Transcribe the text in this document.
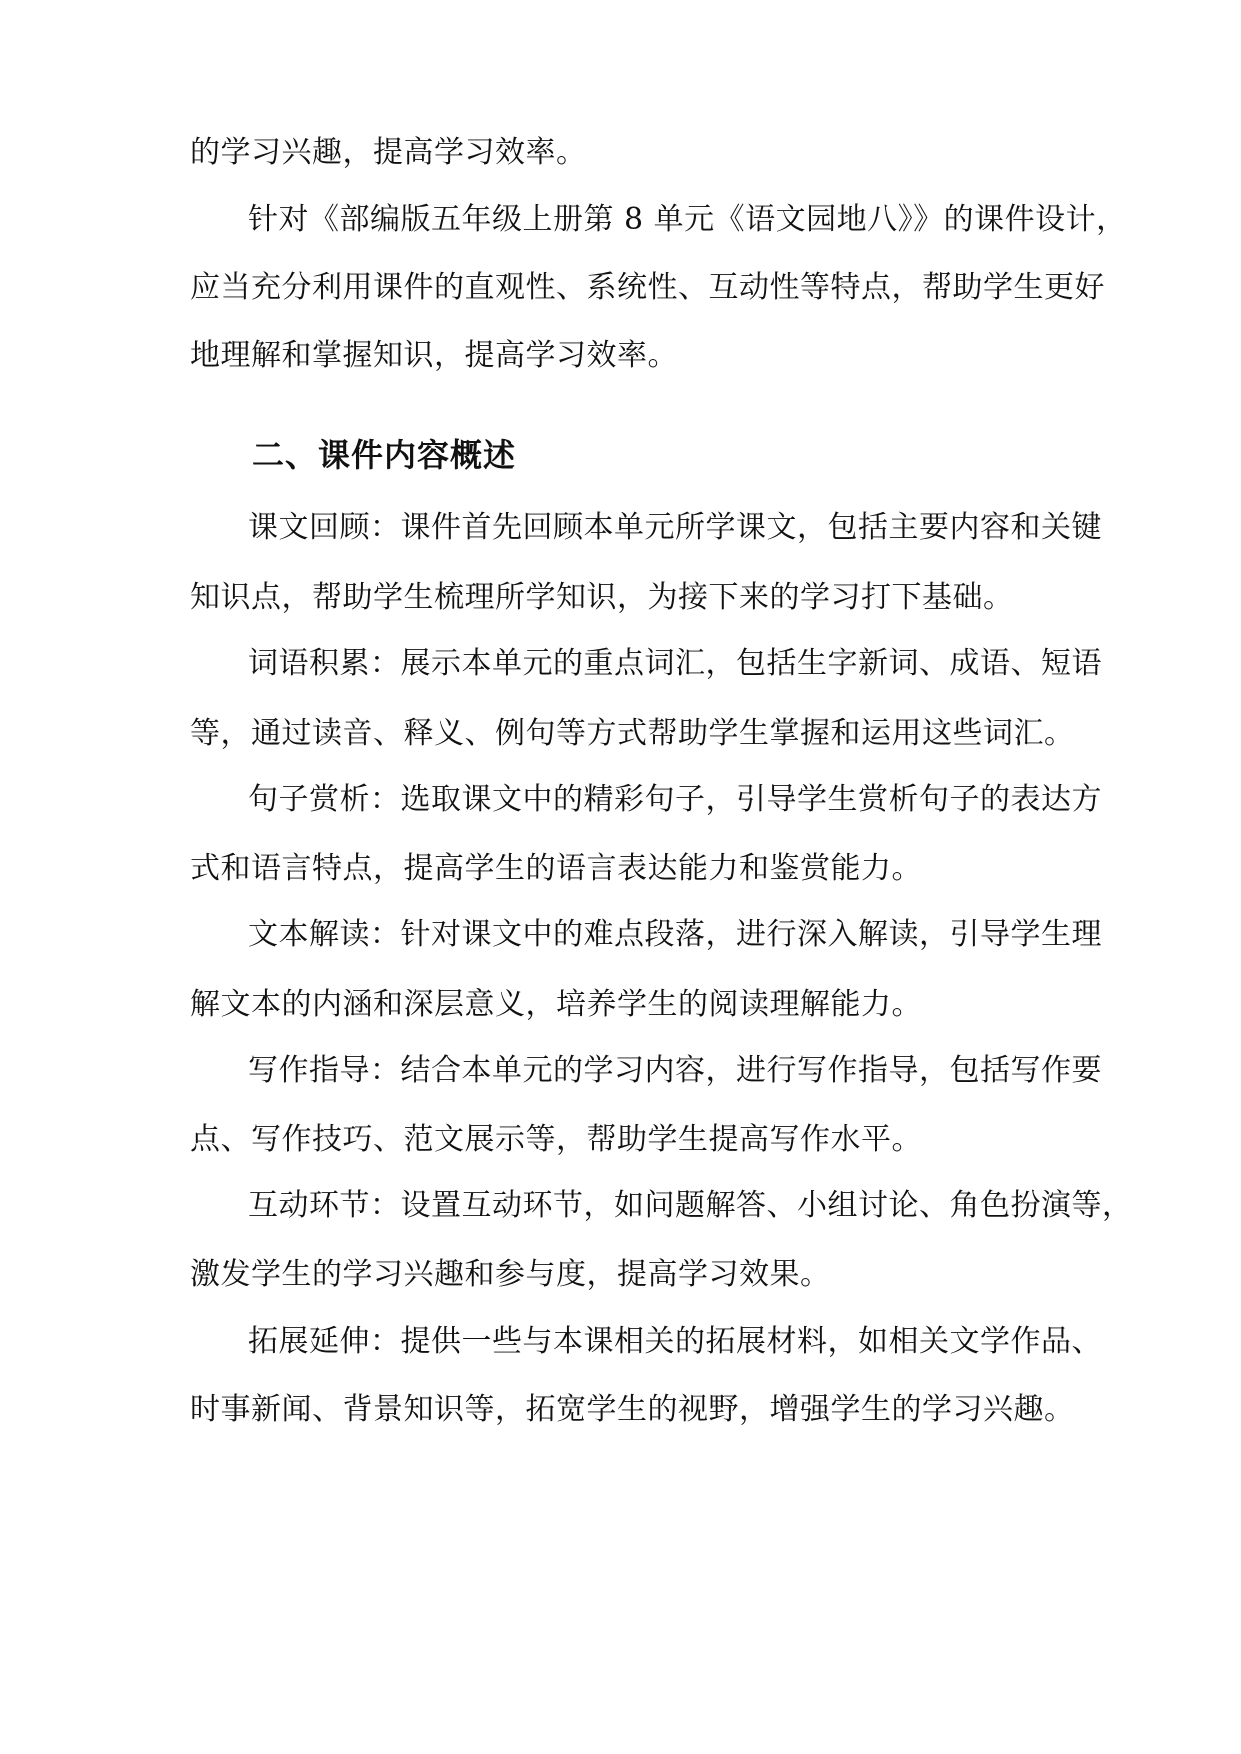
的学习兴趣，提高学习效率。
针对《部编版五年级上册第 8 单元《语文园地八》》的课件设计，
应当充分利用课件的直观性、系统性、互动性等特点，帮助学生更好
地理解和掌握知识，提高学习效率。
二、课件内容概述
课文回顾：课件首先回顾本单元所学课文，包括主要内容和关键
知识点，帮助学生梳理所学知识，为接下来的学习打下基础。
词语积累：展示本单元的重点词汇，包括生字新词、成语、短语
等，通过读音、释义、例句等方式帮助学生掌握和运用这些词汇。
句子赏析：选取课文中的精彩句子，引导学生赏析句子的表达方
式和语言特点，提高学生的语言表达能力和鉴赏能力。
文本解读：针对课文中的难点段落，进行深入解读，引导学生理
解文本的内涵和深层意义，培养学生的阅读理解能力。
写作指导：结合本单元的学习内容，进行写作指导，包括写作要
点、写作技巧、范文展示等，帮助学生提高写作水平。
互动环节：设置互动环节，如问题解答、小组讨论、角色扮演等，
激发学生的学习兴趣和参与度，提高学习效果。
拓展延伸：提供一些与本课相关的拓展材料，如相关文学作品、
时事新闻、背景知识等，拓宽学生的视野，增强学生的学习兴趣。
